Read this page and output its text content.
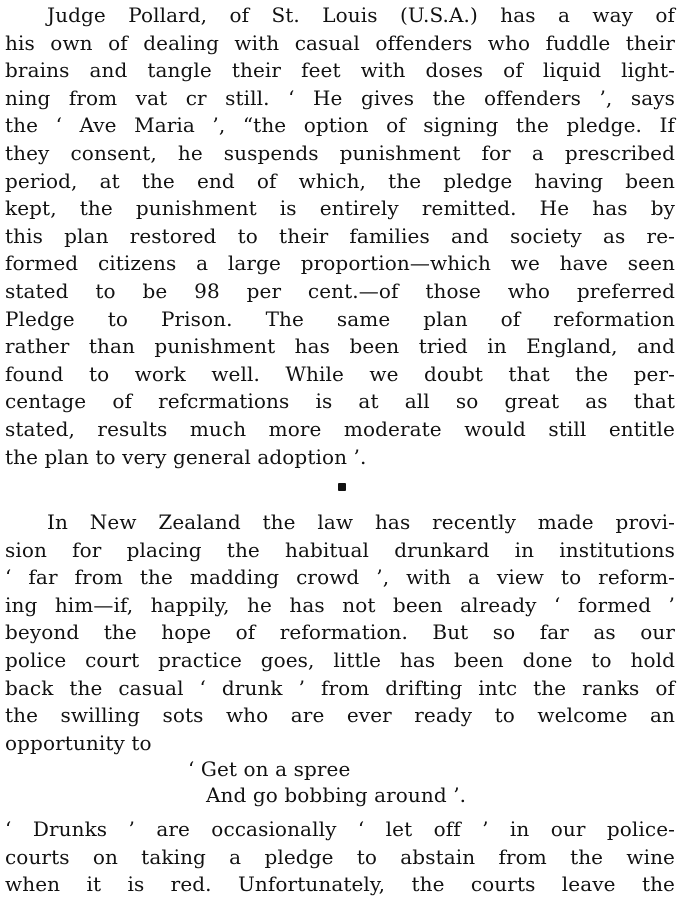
Judge Pollard, of St. Louis (U.S.A.) has a way of
his own of dealing with casual offenders who fuddle their
brains and tangle their feet with doses of liquid light-
ning from vat cr still. ‘ He gives the offenders ’, says
the ‘ Ave Maria ’, “the option of signing the pledge. If
they consent, he suspends punishment for a prescribed
period, at the end of which, the pledge having been
kept, the punishment is entirely remitted. He has by
this plan restored to their families and society as re-
formed citizens a large proportion—which we have seen
stated to be 98 per cent.—of those who preferred
Pledge to Prison. The same plan of reformation
rather than punishment has been tried in England, and
found to work well. While we doubt that the per-
centage of refcrmations is at all so great as that
stated, results much more moderate would still entitle
the plan to very general adoption ’.
In New Zealand the law has recently made provi-
sion for placing the habitual drunkard in institutions
‘ far from the madding crowd ’, with a view to reform-
ing him—if, happily, he has not been already ‘ formed ’
beyond the hope of reformation. But so far as our
police court practice goes, little has been done to hold
back the casual ‘ drunk ’ from drifting intc the ranks of
the swilling sots who are ever ready to welcome an
opportunity to
‘ Get on a spree
And go bobbing around ’.
‘ Drunks ’ are occasionally ‘ let off ’ in our police-
courts on taking a pledge to abstain from the wine
when it is red. Unfortunately, the courts leave the
